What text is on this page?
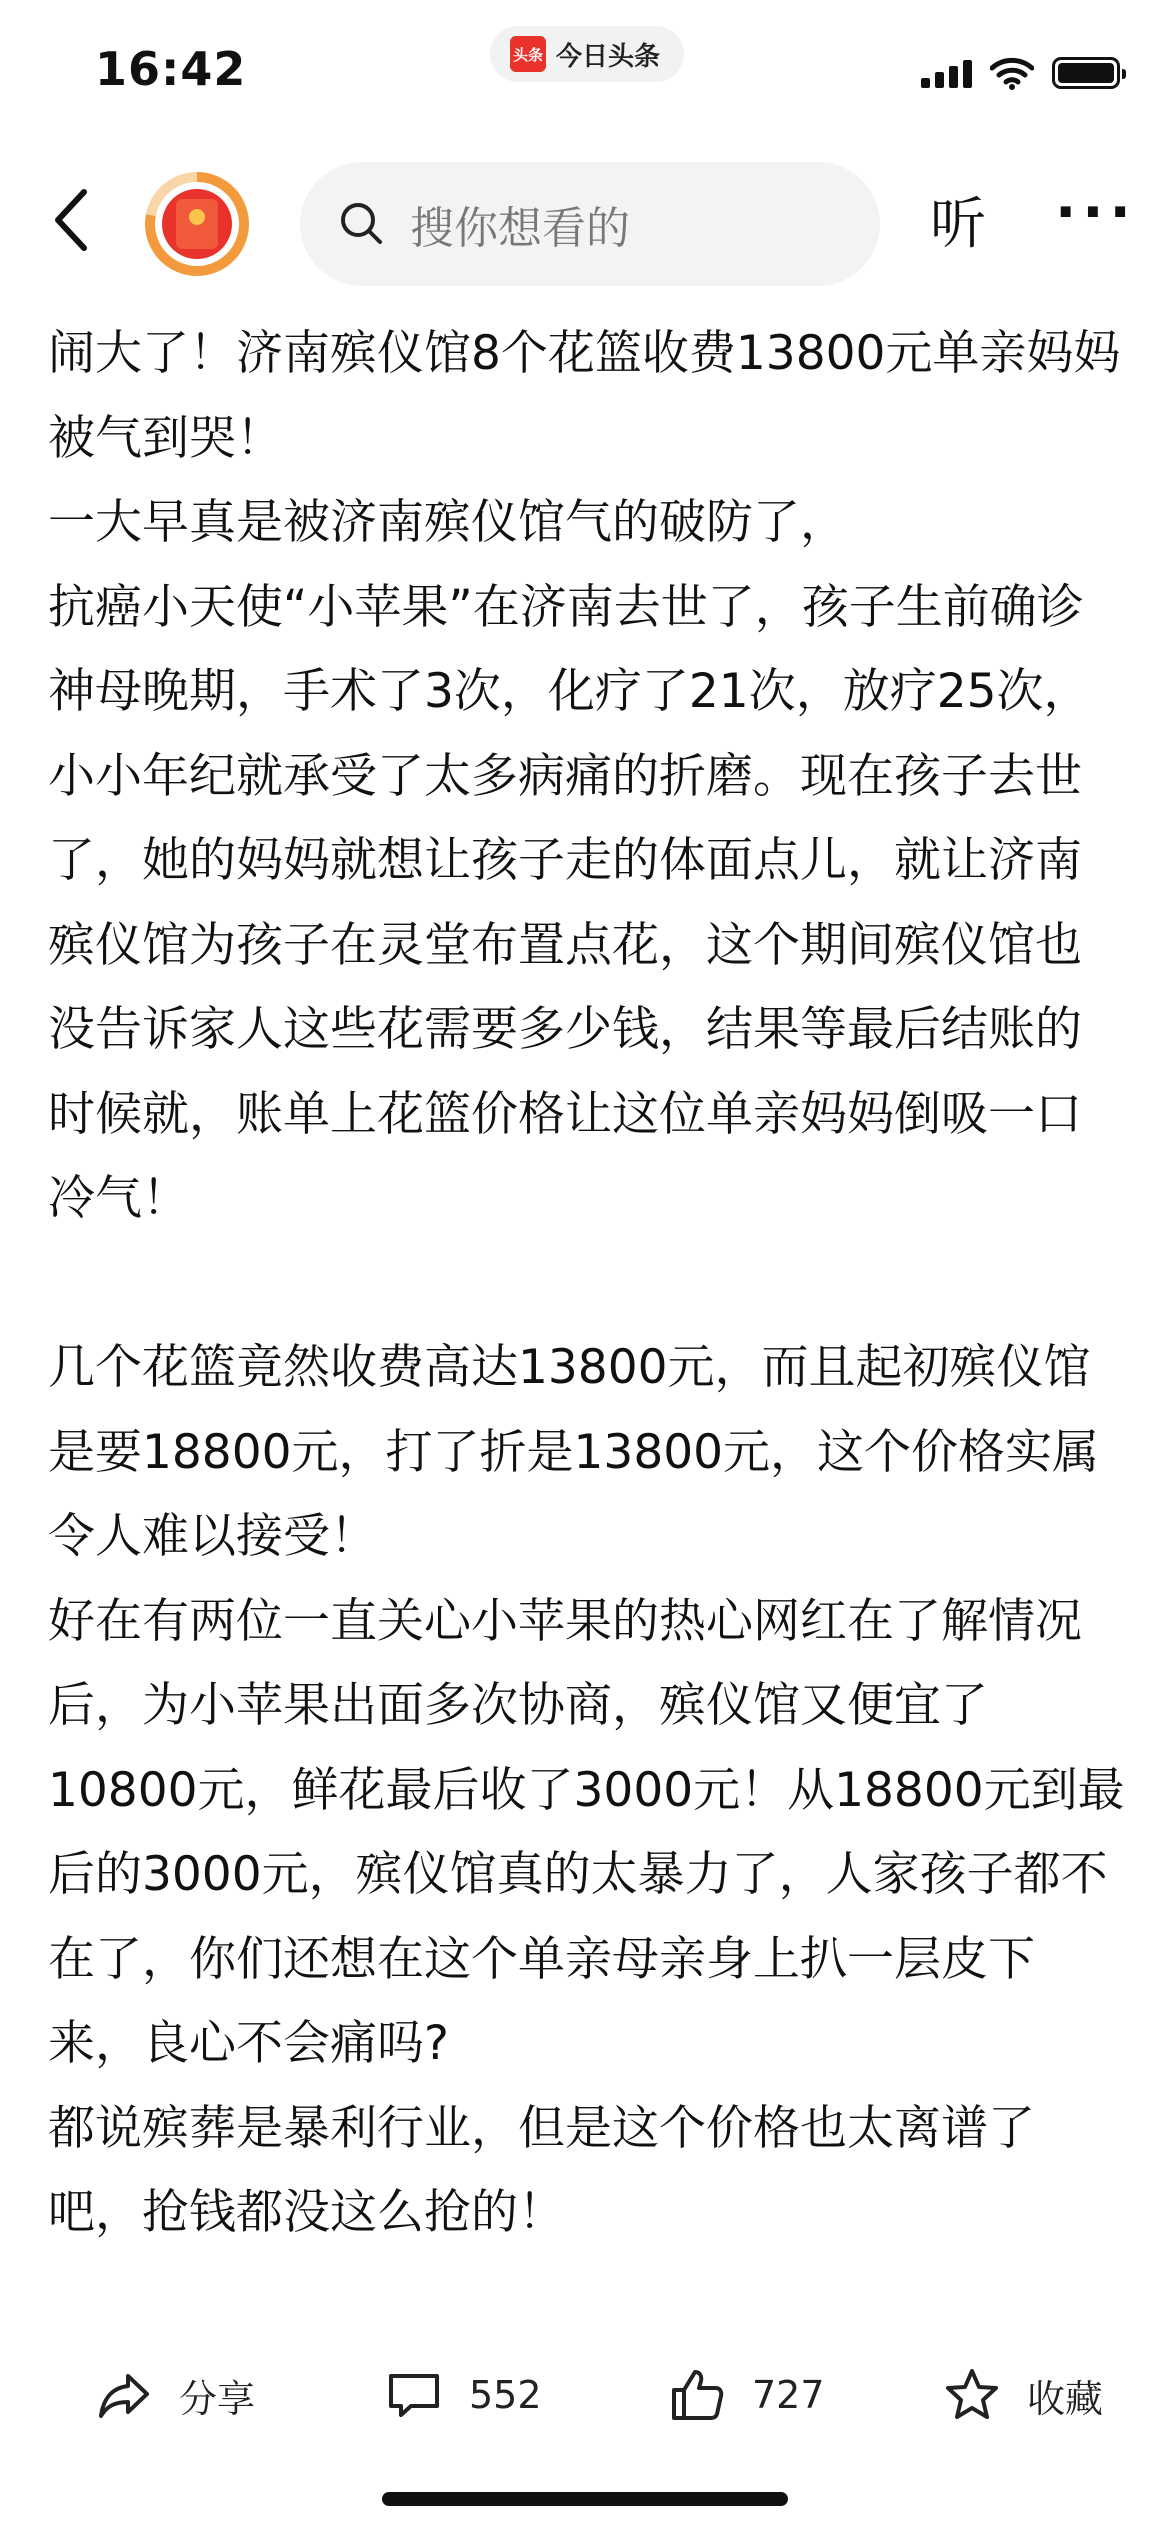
16:42	头条 今日头条
搜你想看的	听 ···

闹大了！济南殡仪馆8个花篮收费13800元单亲妈妈被气到哭！

一大早真是被济南殡仪馆气的破防了，

抗癌小天使“小苹果”在济南去世了，孩子生前确诊神母晚期，手术了3次，化疗了21次，放疗25次，小小年纪就承受了太多病痛的折磨。现在孩子去世了，她的妈妈就想让孩子走的体面点儿，就让济南殡仪馆为孩子在灵堂布置点花，这个期间殡仪馆也没告诉家人这些花需要多少钱，结果等最后结账的时候就，账单上花篮价格让这位单亲妈妈倒吸一口冷气！

几个花篮竟然收费高达13800元，而且起初殡仪馆是要18800元，打了折是13800元，这个价格实属令人难以接受！

好在有两位一直关心小苹果的热心网红在了解情况后，为小苹果出面多次协商，殡仪馆又便宜了10800元，鲜花最后收了3000元！从18800元到最后的3000元，殡仪馆真的太暴力了，人家孩子都不在了，你们还想在这个单亲母亲身上扒一层皮下来，良心不会痛吗?

都说殡葬是暴利行业，但是这个价格也太离谱了吧，抢钱都没这么抢的！

分享	552	727	收藏
